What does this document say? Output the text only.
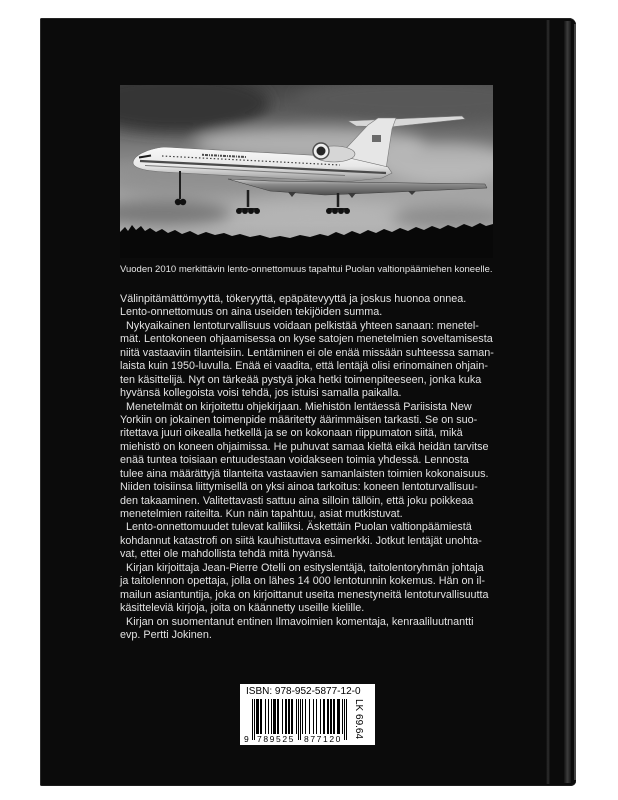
Vuoden 2010 merkittävin lento-onnettomuus tapahtui Puolan valtionpäämiehen koneelle.
Välinpitämättömyyttä, tökeryyttä, epäpätevyyttä ja joskus huonoa onnea.
Lento-onnettomuus on aina useiden tekijöiden summa.
Nykyaikainen lentoturvallisuus voidaan pelkistää yhteen sanaan: menetel-
mät. Lentokoneen ohjaamisessa on kyse satojen menetelmien soveltamisesta
niitä vastaaviin tilanteisiin. Lentäminen ei ole enää missään suhteessa saman-
laista kuin 1950-luvulla. Enää ei vaadita, että lentäjä olisi erinomainen ohjain-
ten käsittelijä. Nyt on tärkeää pystyä joka hetki toimenpiteeseen, jonka kuka
hyvänsä kollegoista voisi tehdä, jos istuisi samalla paikalla.
Menetelmät on kirjoitettu ohjekirjaan. Miehistön lentäessä Pariisista New
Yorkiin on jokainen toimenpide määritetty äärimmäisen tarkasti. Se on suo-
ritettava juuri oikealla hetkellä ja se on kokonaan riippumaton siitä, mikä
miehistö on koneen ohjaimissa. He puhuvat samaa kieltä eikä heidän tarvitse
enää tuntea toisiaan entuudestaan voidakseen toimia yhdessä. Lennosta
tulee aina määrättyjä tilanteita vastaavien samanlaisten toimien kokonaisuus.
Niiden toisiinsa liittymisellä on yksi ainoa tarkoitus: koneen lentoturvallisuu-
den takaaminen. Valitettavasti sattuu aina silloin tällöin, että joku poikkeaa
menetelmien raiteilta. Kun näin tapahtuu, asiat mutkistuvat.
Lento-onnettomuudet tulevat kalliiksi. Äskettäin Puolan valtionpäämiestä
kohdannut katastrofi on siitä kauhistuttava esimerkki. Jotkut lentäjät unohta-
vat, ettei ole mahdollista tehdä mitä hyvänsä.
Kirjan kirjoittaja Jean-Pierre Otelli on esityslentäjä, taitolentoryhmän johtaja
ja taitolennon opettaja, jolla on lähes 14 000 lentotunnin kokemus. Hän on il-
mailun asiantuntija, joka on kirjoittanut useita menestyneitä lentoturvallisuutta
käsitteleviä kirjoja, joita on käännetty useille kielille.
Kirjan on suomentanut entinen Ilmavoimien komentaja, kenraaliluutnantti
evp. Pertti Jokinen.
ISBN: 978-952-5877-12-0
9 789525 877120 LK 69.64
